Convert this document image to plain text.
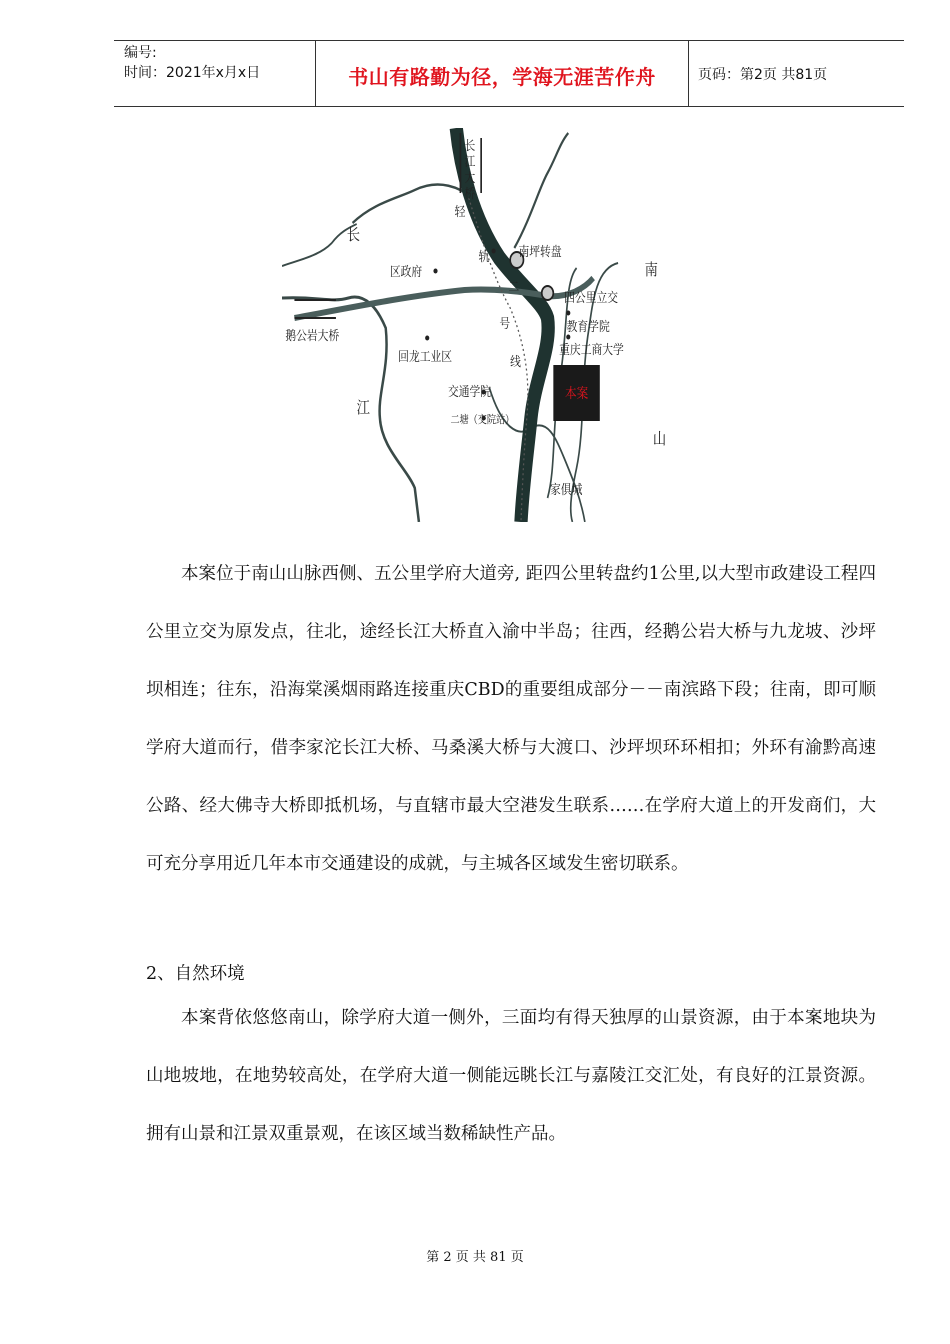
编号:
时间：2021年x月x日	书山有路勤为径，学海无涯苦作舟	页码：第2页 共81页
本案
长
江
大
桥
轻
轨
二
号
线
南坪转盘
区政府
四公里立交
教育学院
重庆工商大学
回龙工业区
交通学院
二塘（交院站）
家俱城
长
江
南
山
鹅公岩大桥

本案位于南山山脉西侧、五公里学府大道旁, 距四公里转盘约1公里,以大型市政建设工程四公里立交为原发点，往北，途经长江大桥直入渝中半岛；往西，经鹅公岩大桥与九龙坡、沙坪坝相连；往东，沿海棠溪烟雨路连接重庆CBD的重要组成部分－－南滨路下段；往南，即可顺学府大道而行，借李家沱长江大桥、马桑溪大桥与大渡口、沙坪坝环环相扣；外环有渝黔高速公路、经大佛寺大桥即抵机场，与直辖市最大空港发生联系……在学府大道上的开发商们，大可充分享用近几年本市交通建设的成就，与主城各区域发生密切联系。

2、自然环境

本案背依悠悠南山，除学府大道一侧外，三面均有得天独厚的山景资源，由于本案地块为山地坡地，在地势较高处，在学府大道一侧能远眺长江与嘉陵江交汇处，有良好的江景资源。拥有山景和江景双重景观，在该区域当数稀缺性产品。

第 2 页 共 81 页
